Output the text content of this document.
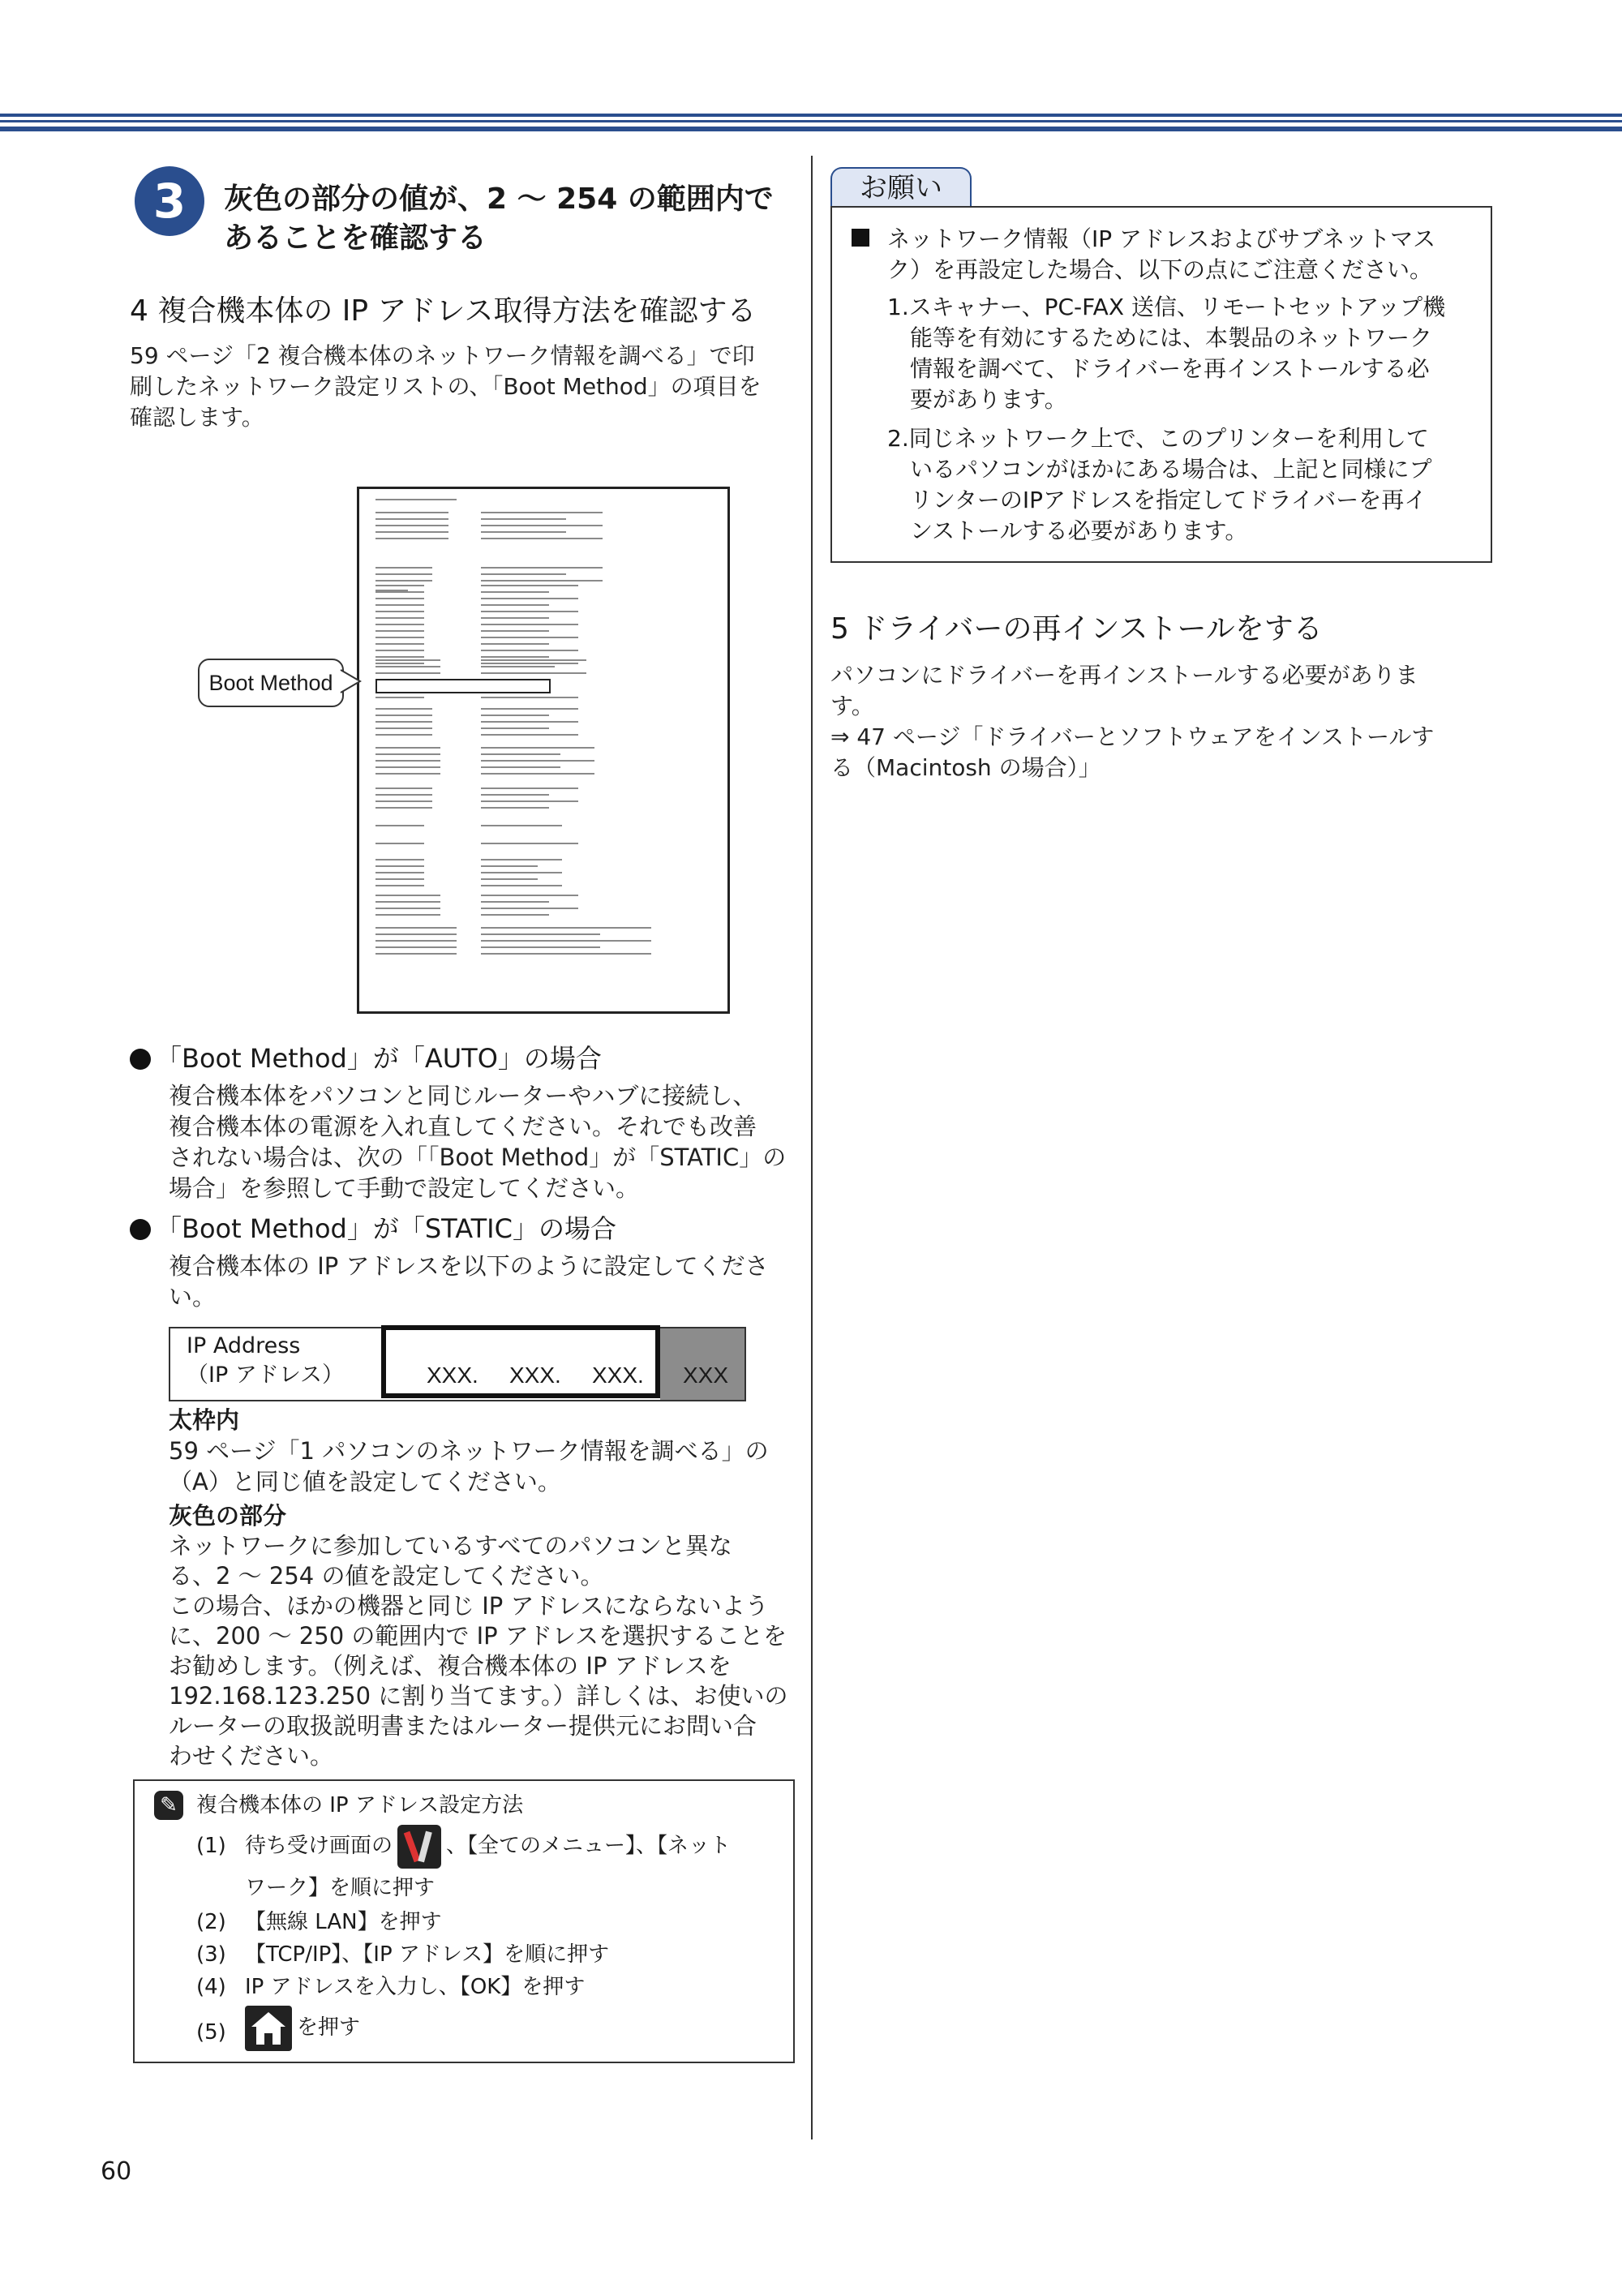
3	灰色の部分の値が、2 ～ 254 の範囲内で
あることを確認する
4 複合機本体の IP アドレス取得方法を確認する
59 ページ「2 複合機本体のネットワーク情報を調べる」で印
刷したネットワーク設定リストの、「Boot Method」の項目を
確認します。
Boot Method
「Boot Method」が「AUTO」の場合
複合機本体をパソコンと同じルーターやハブに接続し、
複合機本体の電源を入れ直してください。それでも改善
されない場合は、次の「「Boot Method」が「STATIC」の
場合」を参照して手動で設定してください。
「Boot Method」が「STATIC」の場合
複合機本体の IP アドレスを以下のように設定してくださ
い。
IP Address
（IP アドレス）	XXX. XXX. XXX. XXX
太枠内
59 ページ「1 パソコンのネットワーク情報を調べる」の
（A）と同じ値を設定してください。
灰色の部分
ネットワークに参加しているすべてのパソコンと異な
る、2 ～ 254 の値を設定してください。
この場合、ほかの機器と同じ IP アドレスにならないよう
に、200 ～ 250 の範囲内で IP アドレスを選択することを
お勧めします。（例えば、複合機本体の IP アドレスを
192.168.123.250 に割り当てます。）詳しくは、お使いの
ルーターの取扱説明書またはルーター提供元にお問い合
わせください。
✎ 複合機本体の IP アドレス設定方法
(1) 待ち受け画面の	、【全てのメニュー】、【ネット
ワーク】を順に押す
(2) 【無線 LAN】を押す
(3) 【TCP/IP】、【IP アドレス】を順に押す
(4) IP アドレスを入力し、【OK】を押す
(5)	を押す
お願い
ネットワーク情報（IP アドレスおよびサブネットマス
ク）を再設定した場合、以下の点にご注意ください。
1.スキャナー、PC-FAX 送信、リモートセットアップ機
能等を有効にするためには、本製品のネットワーク
情報を調べて、ドライバーを再インストールする必
要があります。
2.同じネットワーク上で、このプリンターを利用して
いるパソコンがほかにある場合は、上記と同様にプ
リンターのIPアドレスを指定してドライバーを再イ
ンストールする必要があります。
5 ドライバーの再インストールをする
パソコンにドライバーを再インストールする必要がありま
す。
⇒ 47 ページ「ドライバーとソフトウェアをインストールす
る（Macintosh の場合）」
60
